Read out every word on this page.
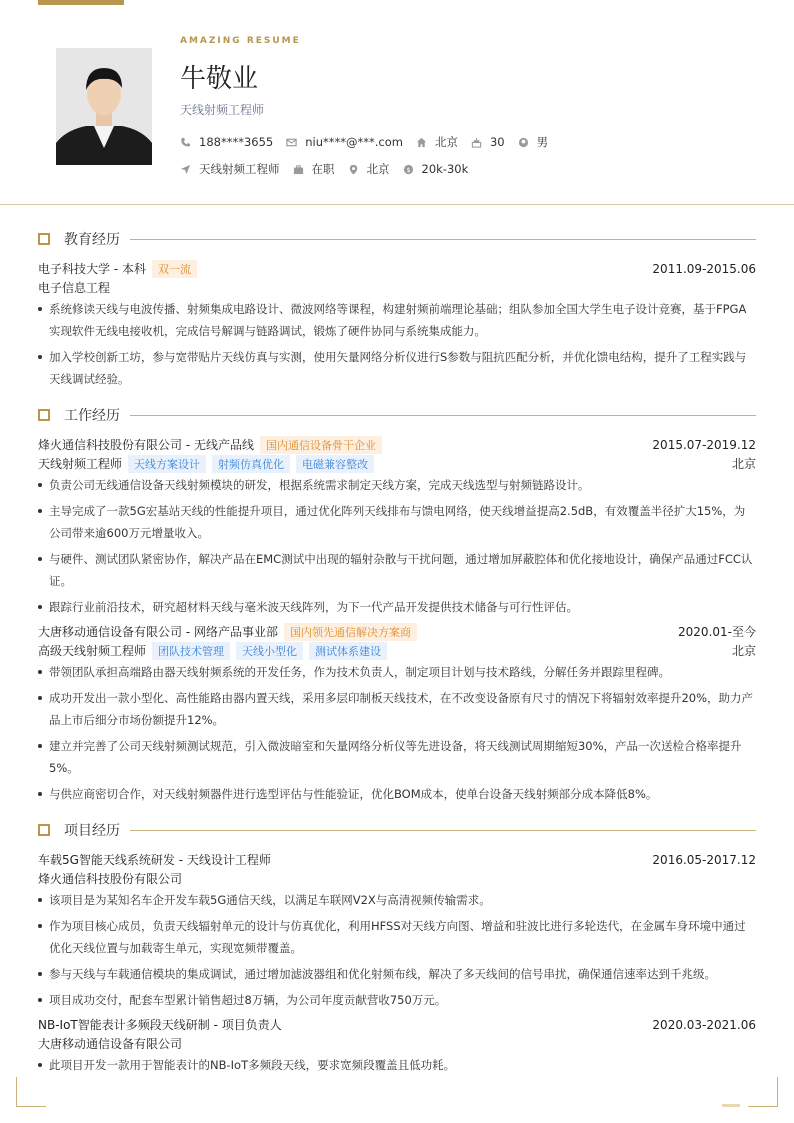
AMAZING RESUME
牛敬业
天线射频工程师
188****3655	niu****@***.com	北京	30	男
天线射频工程师	在职	北京 $ 20k-30k
教育经历
电子科技大学 - 本科	双一流	2011.09-2015.06
电子信息工程
系统修读天线与电波传播、射频集成电路设计、微波网络等课程，构建射频前端理论基础；组队参加全国大学生电子设计竞赛，基于FPGA实现软件无线电接收机，完成信号解调与链路调试，锻炼了硬件协同与系统集成能力。
加入学校创新工坊，参与宽带贴片天线仿真与实测，使用矢量网络分析仪进行S参数与阻抗匹配分析，并优化馈电结构，提升了工程实践与天线调试经验。
工作经历
烽火通信科技股份有限公司 - 无线产品线	国内通信设备骨干企业	2015.07-2019.12
天线射频工程师	天线方案设计	射频仿真优化	电磁兼容整改	北京
负责公司无线通信设备天线射频模块的研发，根据系统需求制定天线方案，完成天线选型与射频链路设计。
主导完成了一款5G宏基站天线的性能提升项目，通过优化阵列天线排布与馈电网络，使天线增益提高2.5dB，有效覆盖半径扩大15%，为公司带来逾600万元增量收入。
与硬件、测试团队紧密协作，解决产品在EMC测试中出现的辐射杂散与干扰问题，通过增加屏蔽腔体和优化接地设计，确保产品通过FCC认证。
跟踪行业前沿技术，研究超材料天线与毫米波天线阵列，为下一代产品开发提供技术储备与可行性评估。
大唐移动通信设备有限公司 - 网络产品事业部	国内领先通信解决方案商	2020.01-至今
高级天线射频工程师	团队技术管理	天线小型化	测试体系建设	北京
带领团队承担高端路由器天线射频系统的开发任务，作为技术负责人，制定项目计划与技术路线，分解任务并跟踪里程碑。
成功开发出一款小型化、高性能路由器内置天线，采用多层印制板天线技术，在不改变设备原有尺寸的情况下将辐射效率提升20%，助力产品上市后细分市场份额提升12%。
建立并完善了公司天线射频测试规范，引入微波暗室和矢量网络分析仪等先进设备，将天线测试周期缩短30%，产品一次送检合格率提升5%。
与供应商密切合作，对天线射频器件进行选型评估与性能验证，优化BOM成本，使单台设备天线射频部分成本降低8%。
项目经历
车载5G智能天线系统研发 - 天线设计工程师	2016.05-2017.12
烽火通信科技股份有限公司
该项目是为某知名车企开发车载5G通信天线，以满足车联网V2X与高清视频传输需求。
作为项目核心成员，负责天线辐射单元的设计与仿真优化，利用HFSS对天线方向图、增益和驻波比进行多轮迭代，在金属车身环境中通过优化天线位置与加载寄生单元，实现宽频带覆盖。
参与天线与车载通信模块的集成调试，通过增加滤波器组和优化射频布线，解决了多天线间的信号串扰，确保通信速率达到千兆级。
项目成功交付，配套车型累计销售超过8万辆，为公司年度贡献营收750万元。
NB-IoT智能表计多频段天线研制 - 项目负责人	2020.03-2021.06
大唐移动通信设备有限公司
此项目开发一款用于智能表计的NB-IoT多频段天线，要求宽频段覆盖且低功耗。
